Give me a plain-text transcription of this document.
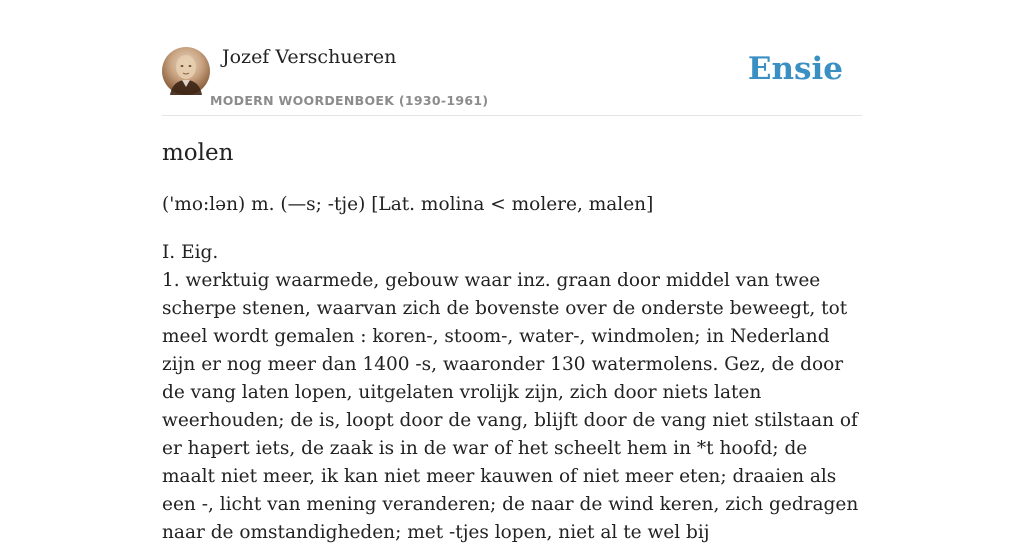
Jozef Verschueren
MODERN WOORDENBOEK (1930-1961)
Ensie
molen

('mo:lən) m. (—s; -tje) [Lat. molina < molere, malen]

I. Eig.
1. werktuig waarmede, gebouw waar inz. graan door middel van twee scherpe stenen, waarvan zich de bovenste over de onderste beweegt, tot meel wordt gemalen : koren-, stoom-, water-, windmolen; in Nederland zijn er nog meer dan 1400 -s, waaronder 130 watermolens. Gez, de door de vang laten lopen, uitgelaten vrolijk zijn, zich door niets laten weerhouden; de is, loopt door de vang, blijft door de vang niet stilstaan of er hapert iets, de zaak is in de war of het scheelt hem in *t hoofd; de maalt niet meer, ik kan niet meer kauwen of niet meer eten; draaien als een -, licht van mening veranderen; de naar de wind keren, zich gedragen naar de omstandigheden; met -tjes lopen, niet al te wel bij
